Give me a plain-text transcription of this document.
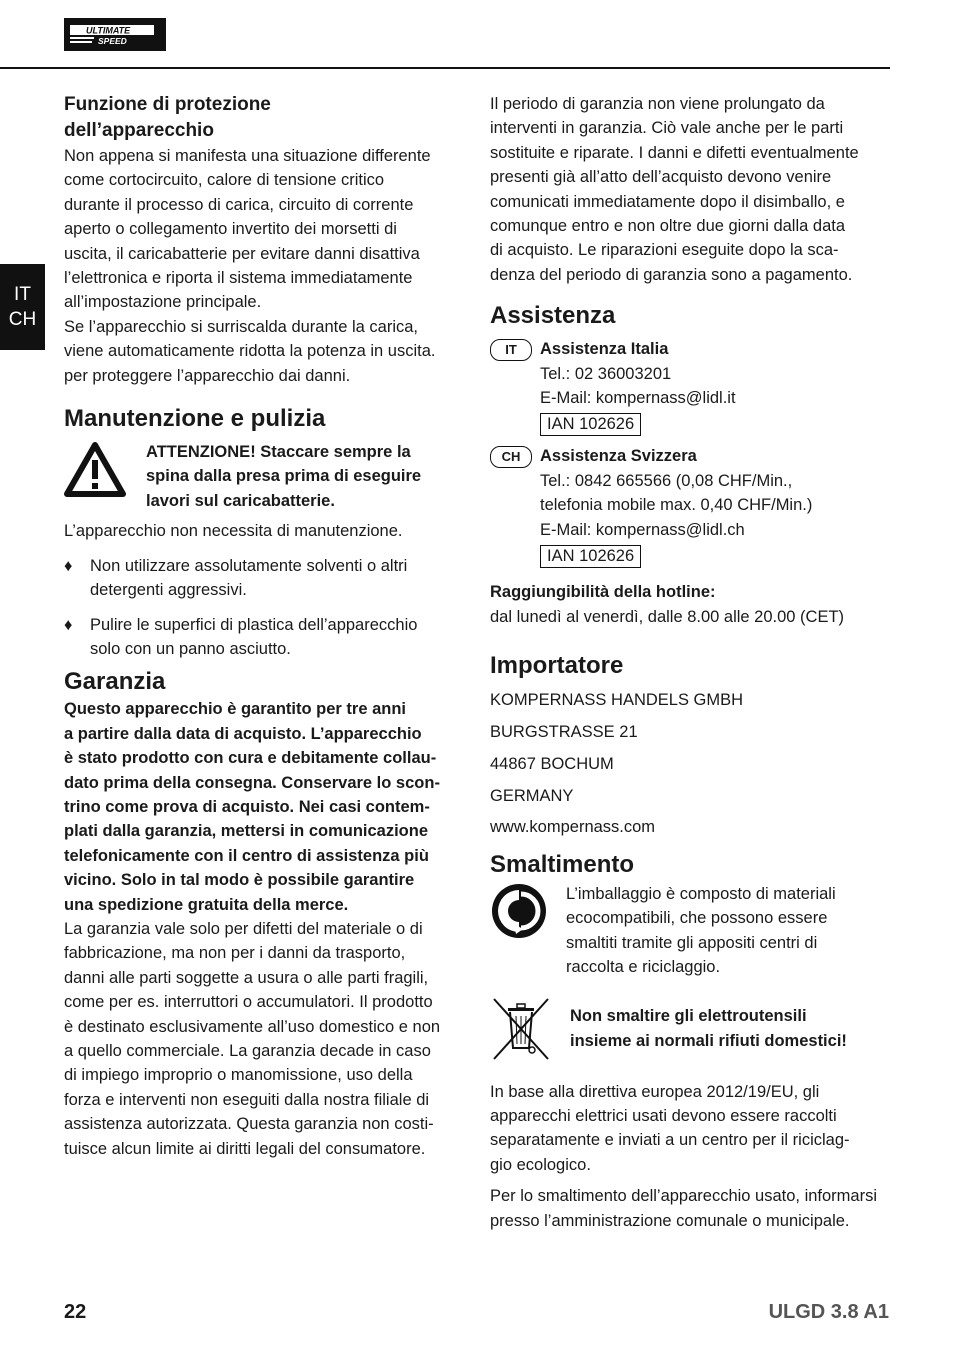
ULTIMATE
SPEED
IT
CH
Funzione di protezione
dell’apparecchio

Non appena si manifesta una situazione differente

come cortocircuito, calore di tensione critico

durante il processo di carica, circuito di corrente

aperto o collegamento invertito dei morsetti di

uscita, il caricabatterie per evitare danni disattiva

l’elettronica e riporta il sistema immediatamente

all’impostazione principale.

Se l’apparecchio si surriscalda durante la carica,

viene automaticamente ridotta la potenza in uscita.

per proteggere l’apparecchio dai danni.

Manutenzione e pulizia

ATTENZIONE! Staccare sempre la

spina dalla presa prima di eseguire

lavori sul caricabatterie.

L’apparecchio non necessita di manutenzione.

♦ Non utilizzare assolutamente solventi o altri
detergenti aggressivi.
♦ Pulire le superfici di plastica dell’apparecchio
solo con un panno asciutto.
Garanzia

Questo apparecchio è garantito per tre anni

a partire dalla data di acquisto. L’apparecchio

è stato prodotto con cura e debitamente collau-

dato prima della consegna. Conservare lo scon-

trino come prova di acquisto. Nei casi contem-

plati dalla garanzia, mettersi in comunicazione

telefonicamente con il centro di assistenza più

vicino. Solo in tal modo è possibile garantire

una spedizione gratuita della merce.

La garanzia vale solo per difetti del materiale o di

fabbricazione, ma non per i danni da trasporto,

danni alle parti soggette a usura o alle parti fragili,

come per es. interruttori o accumulatori. Il prodotto

è destinato esclusivamente all’uso domestico e non

a quello commerciale. La garanzia decade in caso

di impiego improprio o manomissione, uso della

forza e interventi non eseguiti dalla nostra filiale di

assistenza autorizzata. Questa garanzia non costi-

tuisce alcun limite ai diritti legali del consumatore.

Il periodo di garanzia non viene prolungato da

interventi in garanzia. Ciò vale anche per le parti

sostituite e riparate. I danni e difetti eventualmente

presenti già all’atto dell’acquisto devono venire

comunicati immediatamente dopo il disimballo, e

comunque entro e non oltre due giorni dalla data

di acquisto. Le riparazioni eseguite dopo la sca-

denza del periodo di garanzia sono a pagamento.

Assistenza
IT	Assistenza Italia

Tel.: 02 36003201

E-Mail: kompernass@lidl.it

IAN 102626
CH	Assistenza Svizzera

Tel.: 0842 665566 (0,08 CHF/Min.,

telefonia mobile max. 0,40 CHF/Min.)

E-Mail: kompernass@lidl.ch

IAN 102626

Raggiungibilità della hotline:

dal lunedì al venerdì, dalle 8.00 alle 20.00 (CET)

Importatore

KOMPERNASS HANDELS GMBH

BURGSTRASSE 21

44867 BOCHUM

GERMANY

www.kompernass.com

Smaltimento

L’imballaggio è composto di materiali

ecocompatibili, che possono essere

smaltiti tramite gli appositi centri di

raccolta e riciclaggio.

Non smaltire gli elettroutensili

insieme ai normali rifiuti domestici!

In base alla direttiva europea 2012/19/EU, gli

apparecchi elettrici usati devono essere raccolti

separatamente e inviati a un centro per il riciclag-

gio ecologico.

Per lo smaltimento dell’apparecchio usato, informarsi

presso l’amministrazione comunale o municipale.

22	ULGD 3.8 A1
